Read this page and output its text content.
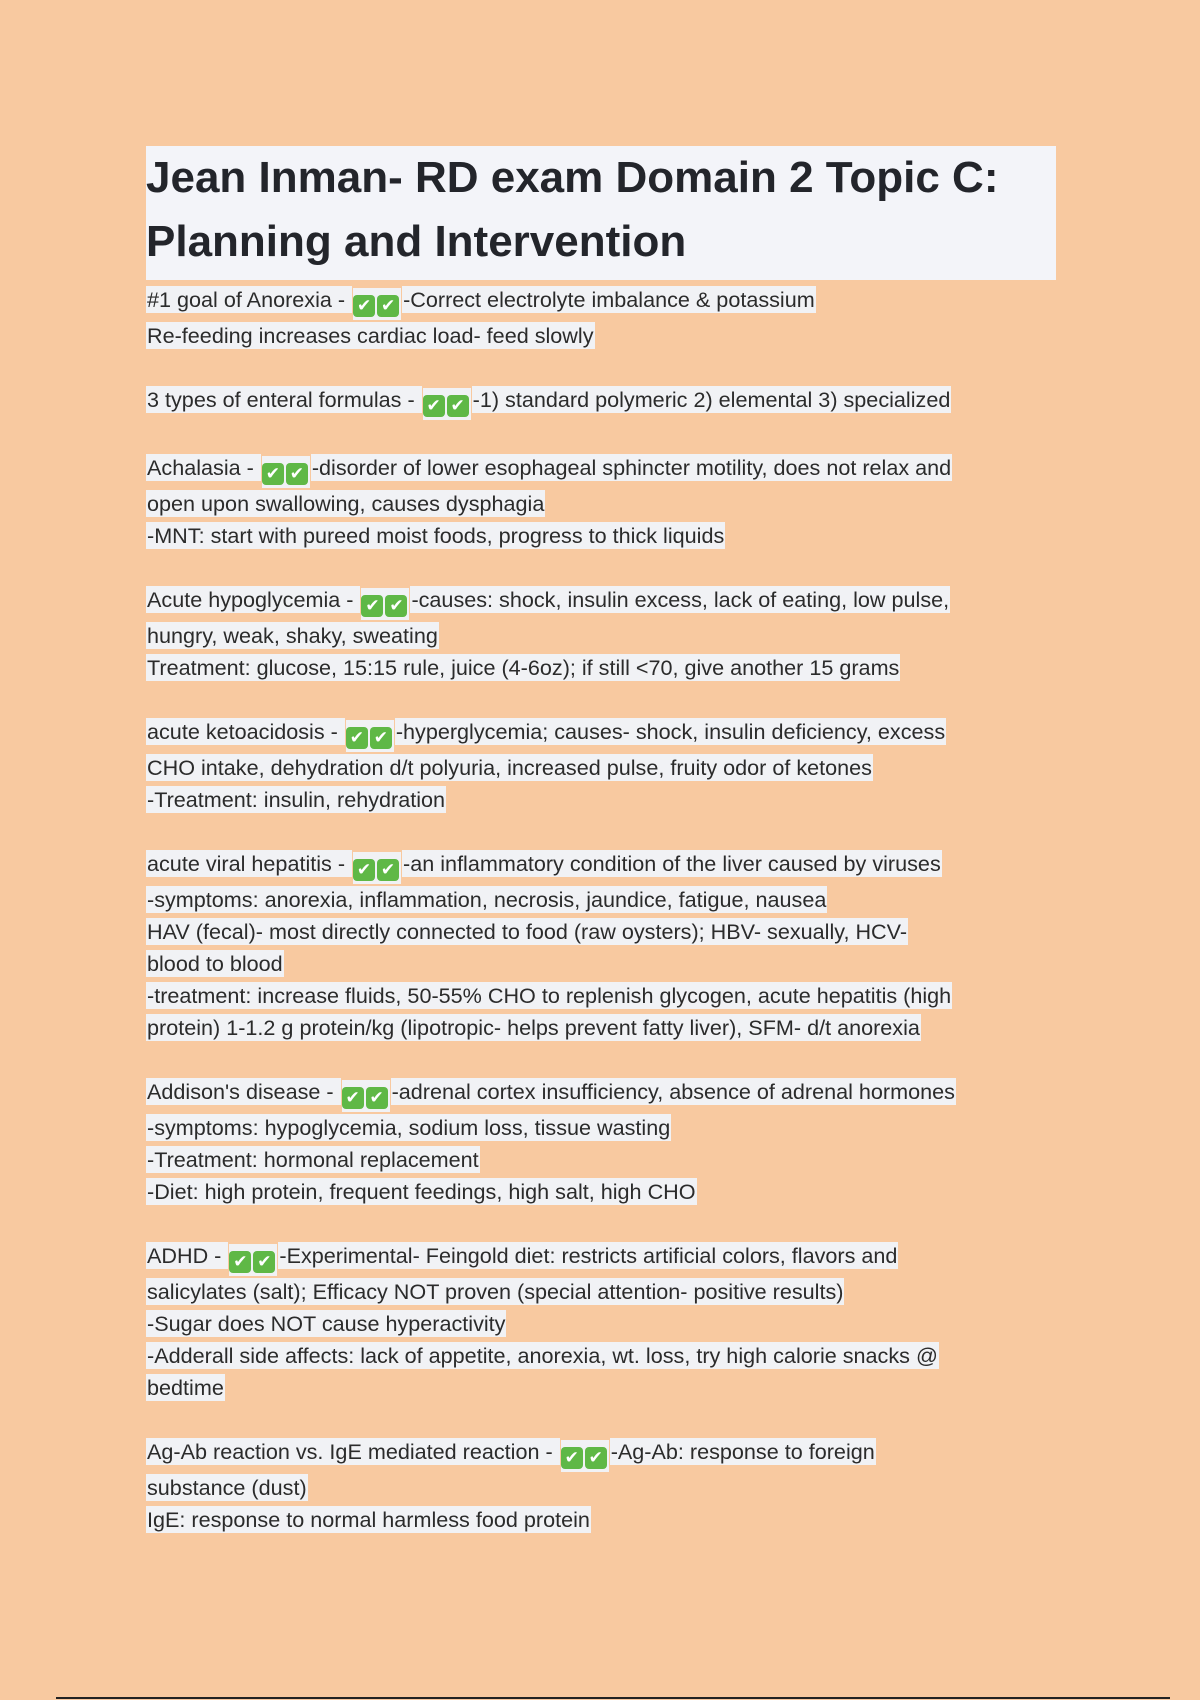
Jean Inman- RD exam Domain 2 Topic C:
Planning and Intervention
#1 goal of Anorexia - ✔ ✔ -Correct electrolyte imbalance & potassium
Re-feeding increases cardiac load- feed slowly
3 types of enteral formulas - ✔ ✔ -1) standard polymeric 2) elemental 3) specialized
Achalasia - ✔ ✔ -disorder of lower esophageal sphincter motility, does not relax and
open upon swallowing, causes dysphagia
-MNT: start with pureed moist foods, progress to thick liquids
Acute hypoglycemia - ✔ ✔ -causes: shock, insulin excess, lack of eating, low pulse,
hungry, weak, shaky, sweating
Treatment: glucose, 15:15 rule, juice (4-6oz); if still <70, give another 15 grams
acute ketoacidosis - ✔ ✔ -hyperglycemia; causes- shock, insulin deficiency, excess
CHO intake, dehydration d/t polyuria, increased pulse, fruity odor of ketones
-Treatment: insulin, rehydration
acute viral hepatitis - ✔ ✔ -an inflammatory condition of the liver caused by viruses
-symptoms: anorexia, inflammation, necrosis, jaundice, fatigue, nausea
HAV (fecal)- most directly connected to food (raw oysters); HBV- sexually, HCV-
blood to blood
-treatment: increase fluids, 50-55% CHO to replenish glycogen, acute hepatitis (high
protein) 1-1.2 g protein/kg (lipotropic- helps prevent fatty liver), SFM- d/t anorexia
Addison's disease - ✔ ✔ -adrenal cortex insufficiency, absence of adrenal hormones
-symptoms: hypoglycemia, sodium loss, tissue wasting
-Treatment: hormonal replacement
-Diet: high protein, frequent feedings, high salt, high CHO
ADHD - ✔ ✔ -Experimental- Feingold diet: restricts artificial colors, flavors and
salicylates (salt); Efficacy NOT proven (special attention- positive results)
-Sugar does NOT cause hyperactivity
-Adderall side affects: lack of appetite, anorexia, wt. loss, try high calorie snacks @
bedtime
Ag-Ab reaction vs. IgE mediated reaction - ✔ ✔ -Ag-Ab: response to foreign
substance (dust)
IgE: response to normal harmless food protein
